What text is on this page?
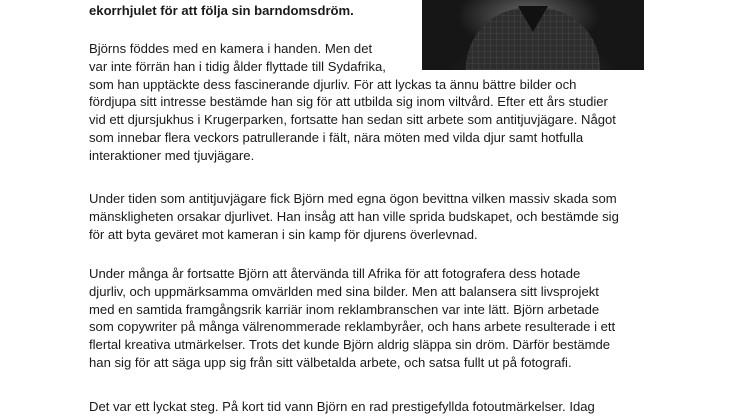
ekorrhjulet för att följa sin barndomsdröm.

Björns föddes med en kamera i handen. Men det
var inte förrän han i tidig ålder flyttade till Sydafrika,
som han upptäckte dess fascinerande djurliv. För att lyckas ta ännu bättre bilder och
fördjupa sitt intresse bestämde han sig för att utbilda sig inom viltvård. Efter ett års studier
vid ett djursjukhus i Krugerparken, fortsatte han sedan sitt arbete som antitjuvjägare. Något
som innebar flera veckors patrullerande i fält, nära möten med vilda djur samt hotfulla
interaktioner med tjuvjägare.

Under tiden som antitjuvjägare fick Björn med egna ögon bevittna vilken massiv skada som
mänskligheten orsakar djurlivet. Han insåg att han ville sprida budskapet, och bestämde sig
för att byta geväret mot kameran i sin kamp för djurens överlevnad.

Under många år fortsatte Björn att återvända till Afrika för att fotografera dess hotade
djurliv, och uppmärksamma omvärlden med sina bilder. Men att balansera sitt livsprojekt
med en samtida framgångsrik karriär inom reklambranschen var inte lätt. Björn arbetade
som copywriter på många välrenommerade reklambyråer, och hans arbete resulterade i ett
flertal kreativa utmärkelser. Trots det kunde Björn aldrig släppa sin dröm. Därför bestämde
han sig för att säga upp sig från sitt välbetalda arbete, och satsa fullt ut på fotografi.

Det var ett lyckat steg. På kort tid vann Björn en rad prestigefyllda fotoutmärkelser. Idag
